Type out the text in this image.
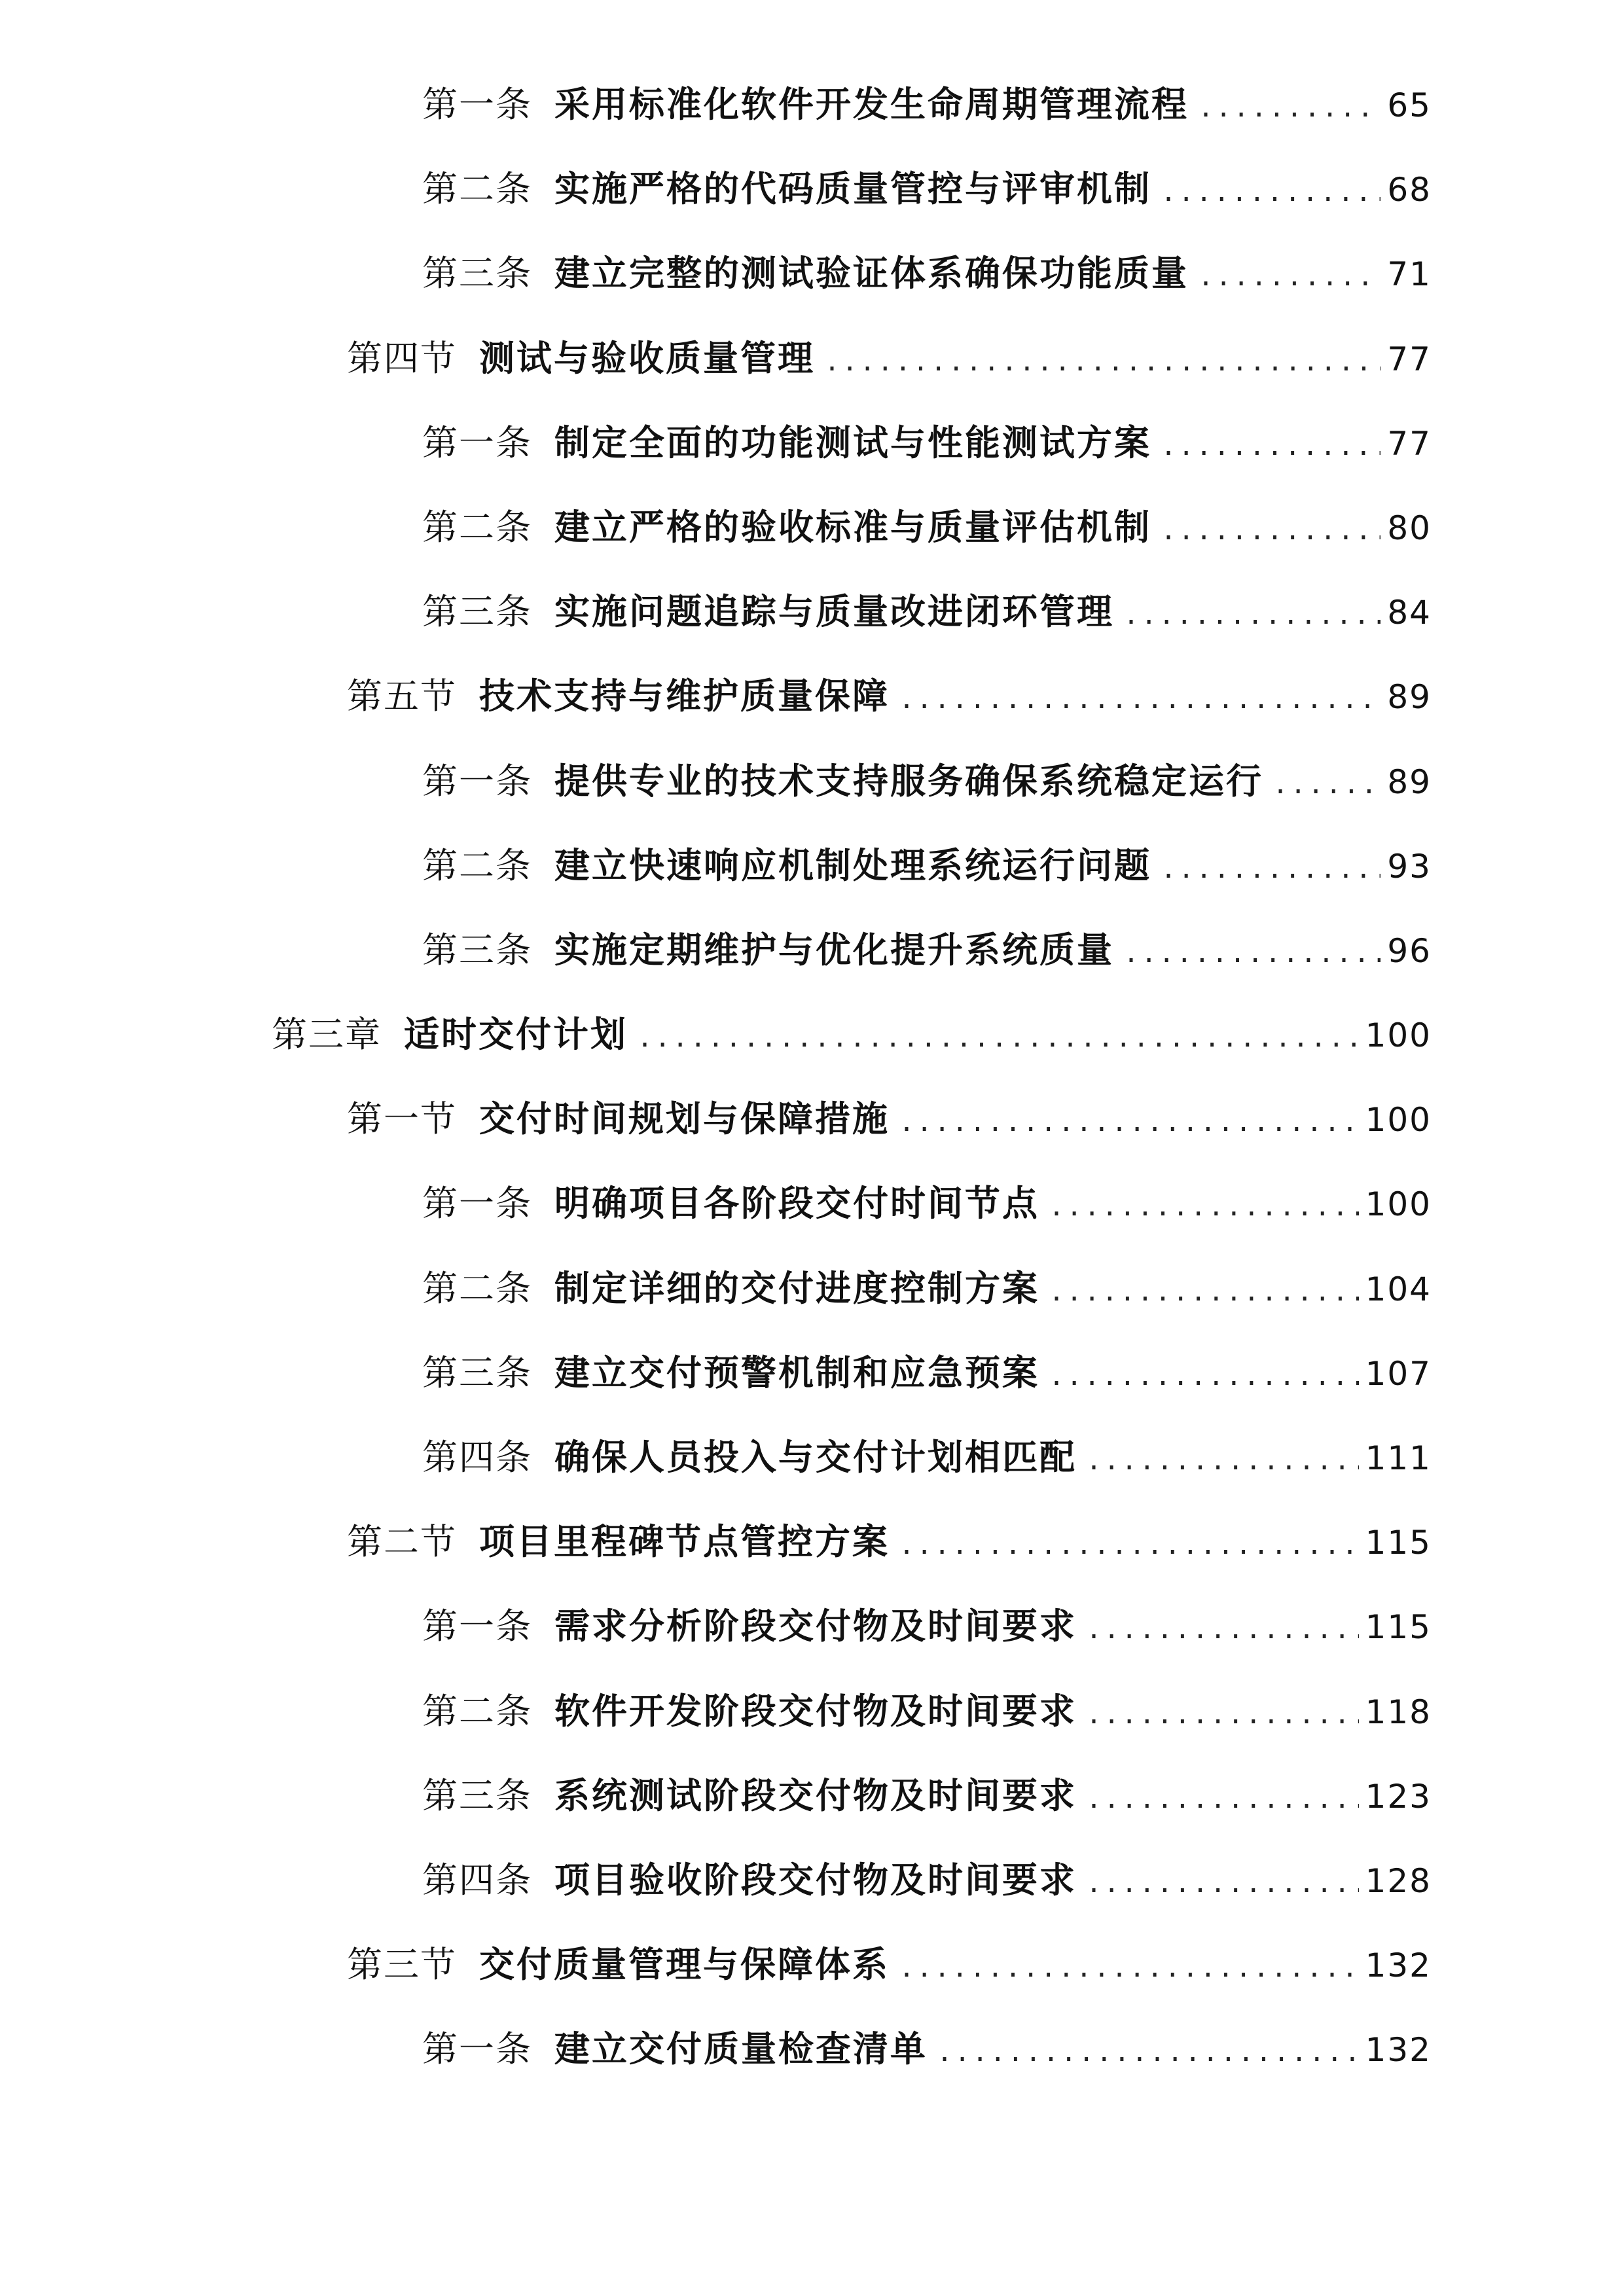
第一条 采用标准化软件开发生命周期管理流程 .....	65
第二条 实施严格的代码质量管控与评审机制 .....	68
第三条 建立完整的测试验证体系确保功能质量 .....	71
第四节 测试与验收质量管理 .....	77
第一条 制定全面的功能测试与性能测试方案 .....	77
第二条 建立严格的验收标准与质量评估机制 .....	80
第三条 实施问题追踪与质量改进闭环管理 .....	84
第五节 技术支持与维护质量保障 .....	89
第一条 提供专业的技术支持服务确保系统稳定运行 .....	89
第二条 建立快速响应机制处理系统运行问题 .....	93
第三条 实施定期维护与优化提升系统质量 .....	96
第三章 适时交付计划 .....	100
第一节 交付时间规划与保障措施 .....	100
第一条 明确项目各阶段交付时间节点 .....	100
第二条 制定详细的交付进度控制方案 .....	104
第三条 建立交付预警机制和应急预案 .....	107
第四条 确保人员投入与交付计划相匹配 .....	111
第二节 项目里程碑节点管控方案 .....	115
第一条 需求分析阶段交付物及时间要求 .....	115
第二条 软件开发阶段交付物及时间要求 .....	118
第三条 系统测试阶段交付物及时间要求 .....	123
第四条 项目验收阶段交付物及时间要求 .....	128
第三节 交付质量管理与保障体系 .....	132
第一条 建立交付质量检查清单 .....	132
